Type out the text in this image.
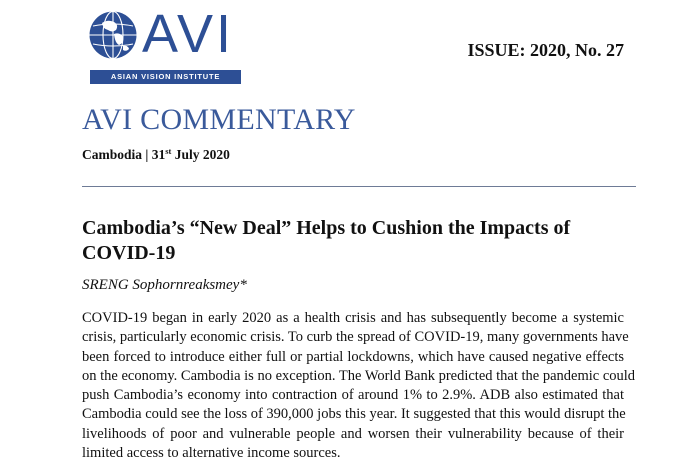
AVI
ASIAN VISION INSTITUTE
ISSUE: 2020, No. 27
AVI COMMENTARY
Cambodia | 31st July 2020
Cambodia’s “New Deal” Helps to Cushion the Impacts of COVID-19
SRENG Sophornreaksmey*
COVID-19 began in early 2020 as a health crisis and has subsequently become a systemic
crisis, particularly economic crisis. To curb the spread of COVID-19, many governments have
been forced to introduce either full or partial lockdowns, which have caused negative effects
on the economy. Cambodia is no exception. The World Bank predicted that the pandemic could
push Cambodia’s economy into contraction of around 1% to 2.9%. ADB also estimated that
Cambodia could see the loss of 390,000 jobs this year. It suggested that this would disrupt the
livelihoods of poor and vulnerable people and worsen their vulnerability because of their
limited access to alternative income sources.
